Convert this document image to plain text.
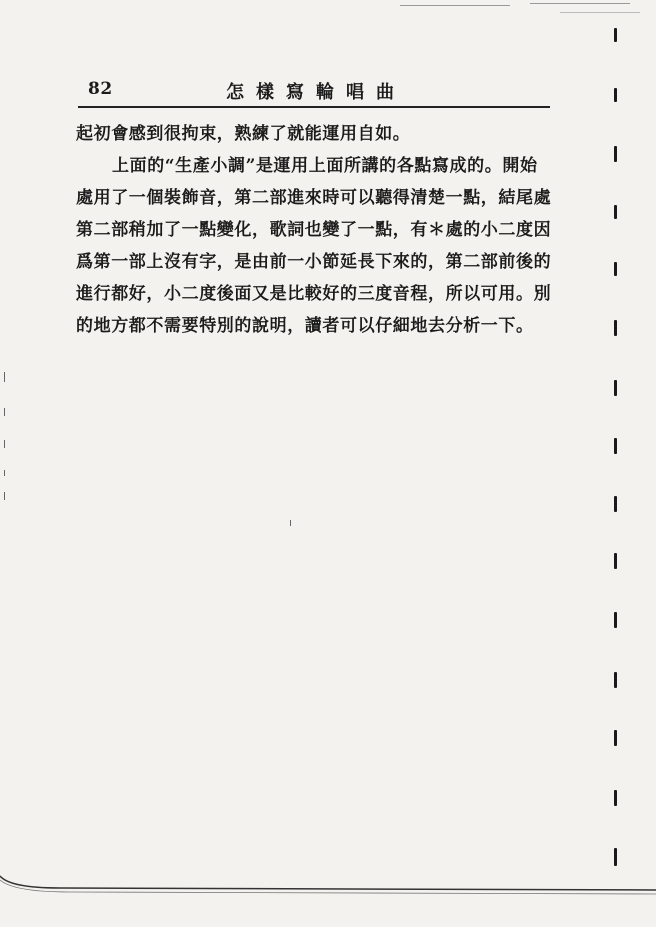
82	怎樣寫輪唱曲
起初會感到很拘束，熟練了就能運用自如。
上面的“生產小調”是運用上面所講的各點寫成的。開始
處用了一個裝飾音，第二部進來時可以聽得清楚一點，結尾處
第二部稍加了一點變化，歌詞也變了一點，有＊處的小二度因
爲第一部上沒有字，是由前一小節延長下來的，第二部前後的
進行都好，小二度後面又是比較好的三度音程，所以可用。別
的地方都不需要特別的說明，讀者可以仔細地去分析一下。
